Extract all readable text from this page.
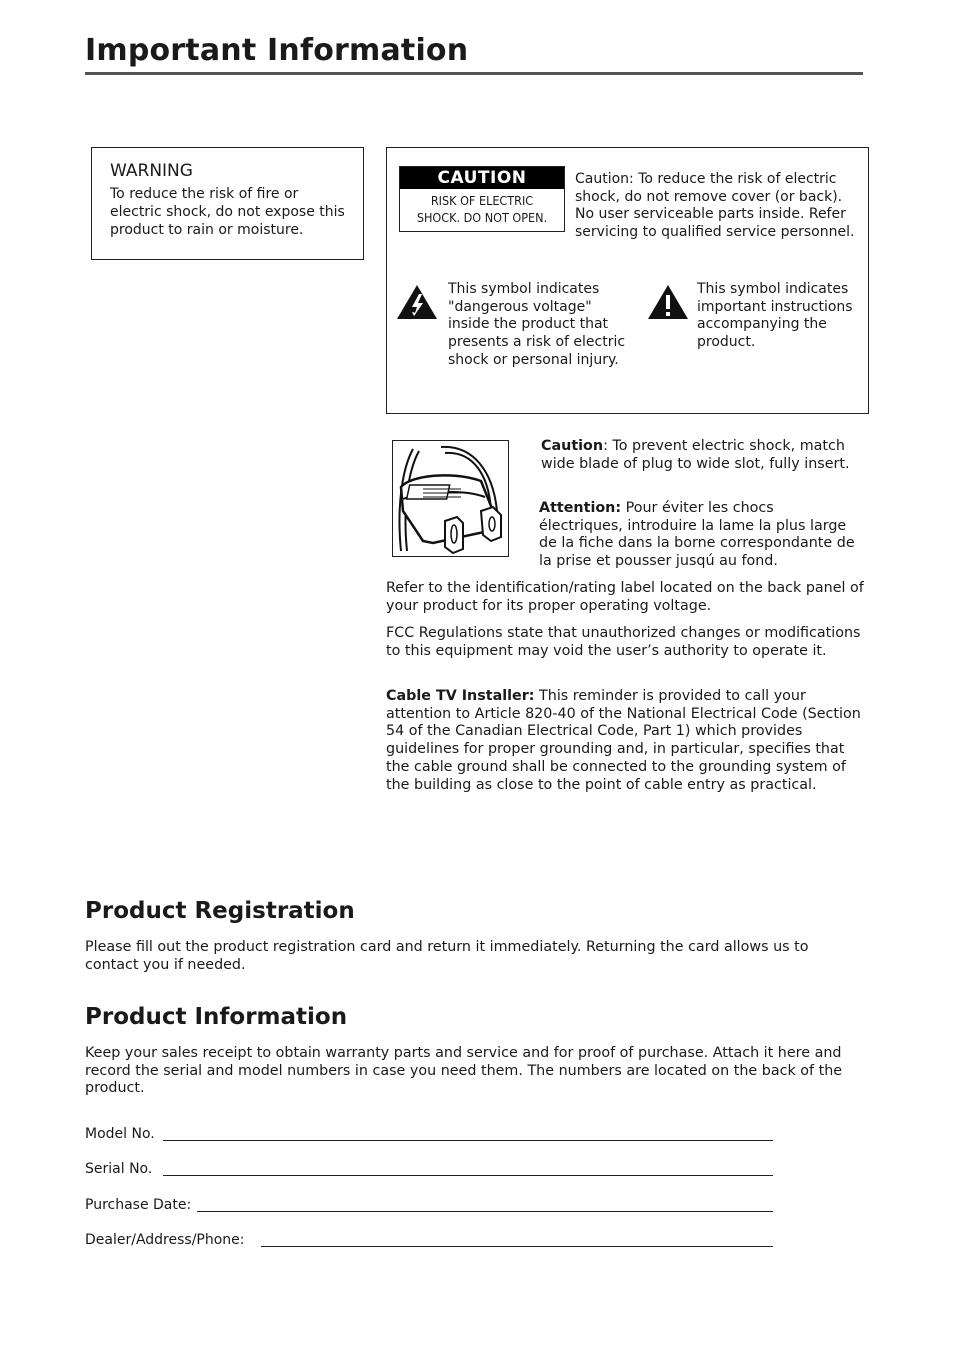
Important Information
WARNING
To reduce the risk of fire or electric shock, do not expose this product to rain or moisture.
CAUTION
RISK OF ELECTRIC
SHOCK. DO NOT OPEN.
Caution: To reduce the risk of electric shock, do not remove cover (or back). No user serviceable parts inside. Refer servicing to qualified service personnel.
This symbol indicates "dangerous voltage" inside the product that presents a risk of electric shock or personal injury.
This symbol indicates important instructions accompanying the product.
Caution: To prevent electric shock, match wide blade of plug to wide slot, fully insert.
Attention: Pour éviter les chocs électriques, introduire la lame la plus large de la fiche dans la borne correspondante de la prise et pousser jusqú au fond.
Refer to the identification/rating label located on the back panel of your product for its proper operating voltage.
FCC Regulations state that unauthorized changes or modifications to this equipment may void the user’s authority to operate it.
Cable TV Installer: This reminder is provided to call your attention to Article 820-40 of the National Electrical Code (Section 54 of the Canadian Electrical Code, Part 1) which provides guidelines for proper grounding and, in particular, specifies that the cable ground shall be connected to the grounding system of the building as close to the point of cable entry as practical.
Product Registration
Please fill out the product registration card and return it immediately. Returning the card allows us to contact you if needed.
Product Information
Keep your sales receipt to obtain warranty parts and service and for proof of purchase. Attach it here and record the serial and model numbers in case you need them. The numbers are located on the back of the product.
Model No.
Serial No.
Purchase Date:
Dealer/Address/Phone:
